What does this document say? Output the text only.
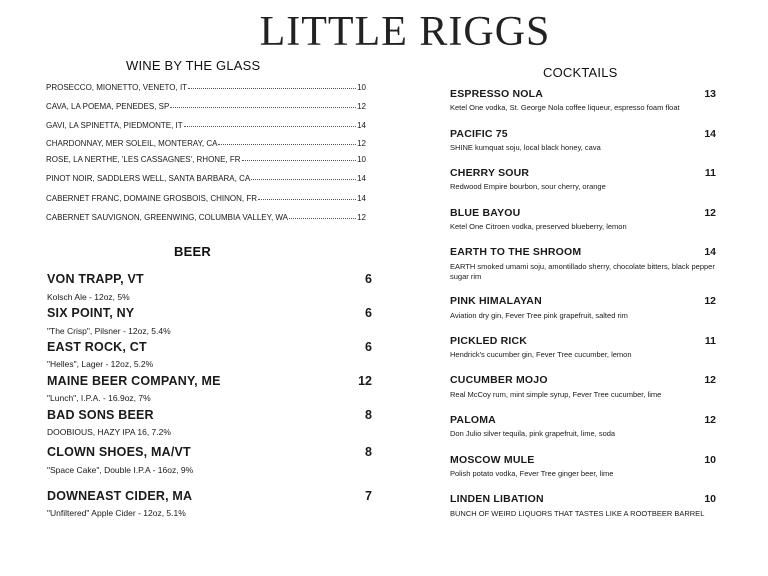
LITTLE RIGGS
WINE BY THE GLASS
PROSECCO, MIONETTO, VENETO, IT	10
CAVA, LA POEMA, PENEDES, SP	12
GAVI, LA SPINETTA, PIEDMONTE, IT	14
CHARDONNAY, MER SOLEIL, MONTERAY, CA	12
ROSE, LA NERTHE, 'LES CASSAGNES', RHONE, FR	10
PINOT NOIR, SADDLERS WELL, SANTA BARBARA, CA	14
CABERNET FRANC, DOMAINE GROSBOIS, CHINON, FR	14
CABERNET SAUVIGNON, GREENWING, COLUMBIA VALLEY, WA	12
BEER
VON TRAPP, VT	6
Kolsch Ale - 12oz, 5%
SIX POINT, NY	6
"The Crisp", Pilsner - 12oz, 5.4%
EAST ROCK, CT	6
"Helles", Lager - 12oz, 5.2%
MAINE BEER COMPANY, ME	12
"Lunch", I.P.A. - 16.9oz, 7%
BAD SONS BEER	8
DOOBIOUS, HAZY IPA 16, 7.2%
CLOWN SHOES, MA/VT	8
"Space Cake", Double I.P.A - 16oz, 9%
DOWNEAST CIDER, MA	7
"Unfiltered" Apple Cider - 12oz, 5.1%
COCKTAILS
ESPRESSO NOLA	13
Ketel One vodka, St. George Nola coffee liqueur, espresso foam float
PACIFIC 75	14
SHINE kumquat soju, local black honey, cava
CHERRY SOUR	11
Redwood Empire bourbon, sour cherry, orange
BLUE BAYOU	12
Ketel One Citroen vodka, preserved blueberry, lemon
EARTH TO THE SHROOM	14
EARTH smoked umami soju, amontillado sherry, chocolate bitters, black pepper sugar rim
PINK HIMALAYAN	12
Aviation dry gin, Fever Tree pink grapefruit, salted rim
PICKLED RICK	11
Hendrick's cucumber gin, Fever Tree cucumber, lemon
CUCUMBER MOJO	12
Real McCoy rum, mint simple syrup, Fever Tree cucumber, lime
PALOMA	12
Don Julio silver tequila, pink grapefruit, lime, soda
MOSCOW MULE	10
Polish potato vodka, Fever Tree ginger beer, lime
LINDEN LIBATION	10
BUNCH OF WEIRD LIQUORS THAT TASTES LIKE A ROOTBEER BARREL
